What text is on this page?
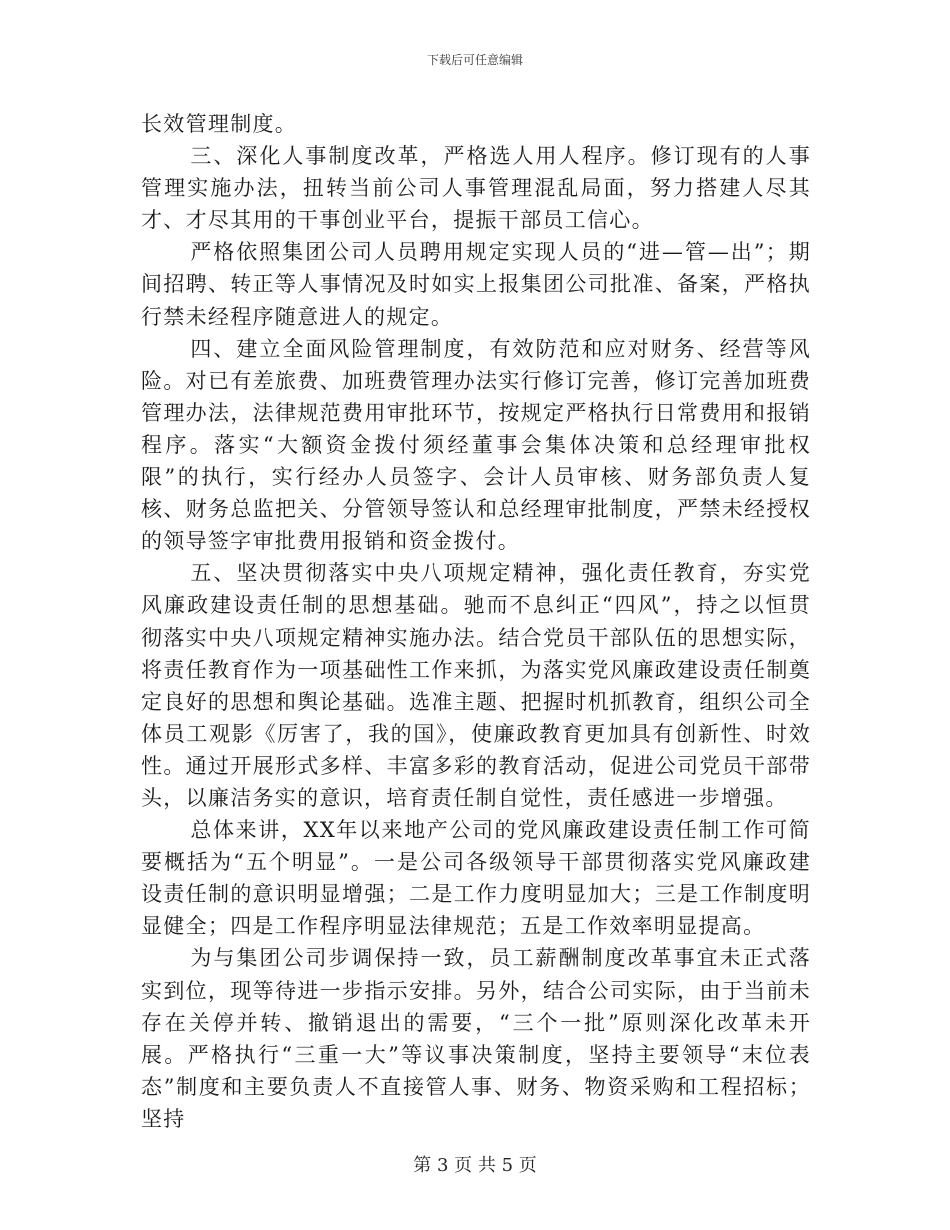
下载后可任意编辑

长效管理制度。

三、深化人事制度改革，严格选人用人程序。修订现有的人事管理实施办法，扭转当前公司人事管理混乱局面，努力搭建人尽其才、才尽其用的干事创业平台，提振干部员工信心。

严格依照集团公司人员聘用规定实现人员的“进—管—出”；期间招聘、转正等人事情况及时如实上报集团公司批准、备案，严格执行禁未经程序随意进人的规定。

四、建立全面风险管理制度，有效防范和应对财务、经营等风险。对已有差旅费、加班费管理办法实行修订完善，修订完善加班费管理办法，法律规范费用审批环节，按规定严格执行日常费用和报销程序。落实“大额资金拨付须经董事会集体决策和总经理审批权限”的执行，实行经办人员签字、会计人员审核、财务部负责人复核、财务总监把关、分管领导签认和总经理审批制度，严禁未经授权的领导签字审批费用报销和资金拨付。

五、坚决贯彻落实中央八项规定精神，强化责任教育，夯实党风廉政建设责任制的思想基础。驰而不息纠正“四风”，持之以恒贯彻落实中央八项规定精神实施办法。结合党员干部队伍的思想实际，将责任教育作为一项基础性工作来抓，为落实党风廉政建设责任制奠定良好的思想和舆论基础。选准主题、把握时机抓教育，组织公司全体员工观影《厉害了，我的国》，使廉政教育更加具有创新性、时效性。通过开展形式多样、丰富多彩的教育活动，促进公司党员干部带头，以廉洁务实的意识，培育责任制自觉性，责任感进一步增强。

总体来讲，XX年以来地产公司的党风廉政建设责任制工作可简要概括为“五个明显”。一是公司各级领导干部贯彻落实党风廉政建设责任制的意识明显增强；二是工作力度明显加大；三是工作制度明显健全；四是工作程序明显法律规范；五是工作效率明显提高。

为与集团公司步调保持一致，员工薪酬制度改革事宜未正式落实到位，现等待进一步指示安排。另外，结合公司实际，由于当前未存在关停并转、撤销退出的需要，“三个一批”原则深化改革未开展。严格执行“三重一大”等议事决策制度，坚持主要领导“末位表态”制度和主要负责人不直接管人事、财务、物资采购和工程招标；坚持

第 3 页 共 5 页
